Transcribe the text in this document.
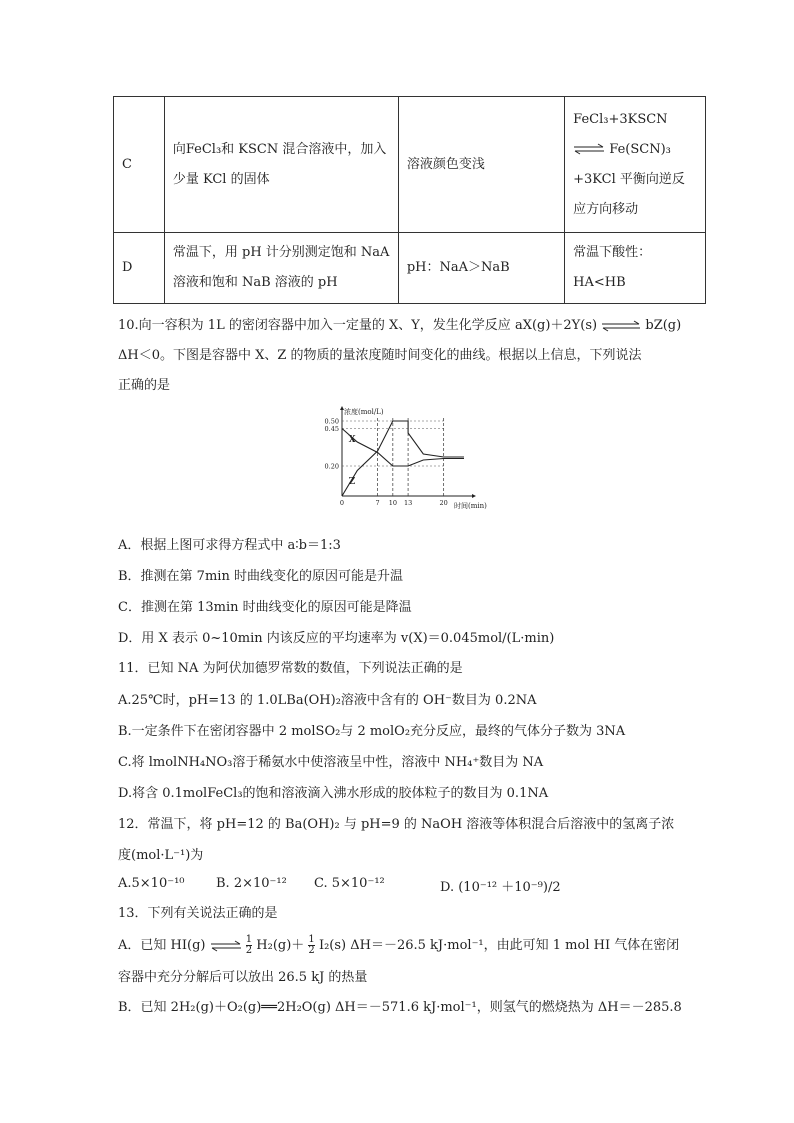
C	向FeCl₃和 KSCN 混合溶液中，加入少量 KCl 的固体	溶液颜色变浅	FeCl₃+3KSCN ⇌ Fe(SCN)₃ +3KCl 平衡向逆反应方向移动
D	常温下，用 pH 计分别测定饱和 NaA 溶液和饱和 NaB 溶液的 pH	pH：NaA＞NaB	常温下酸性：HA<HB
10.向一容积为 1L 的密闭容器中加入一定量的 X、Y，发生化学反应 aX(g)＋2Y(s) ⇌ bZ(g)
ΔH＜0。下图是容器中 X、Z 的物质的量浓度随时间变化的曲线。根据以上信息，下列说法
正确的是
浓度(mol/L)
时间(min)
0.50
0.45
0.20
0	7 10 13	20
X
Z
A．根据上图可求得方程式中 a∶b＝1:3
B．推测在第 7min 时曲线变化的原因可能是升温
C．推测在第 13min 时曲线变化的原因可能是降温
D．用 X 表示 0~10min 内该反应的平均速率为 v(X)＝0.045mol/(L·min)
11．已知 NA 为阿伏加德罗常数的数值，下列说法正确的是
A.25℃时，pH=13 的 1.0LBa(OH)₂溶液中含有的 OH⁻数目为 0.2NA
B.一定条件下在密闭容器中 2 molSO₂与 2 molO₂充分反应，最终的气体分子数为 3NA
C.将 lmolNH₄NO₃溶于稀氨水中使溶液呈中性，溶液中 NH₄⁺数目为 NA
D.将含 0.1molFeCl₃的饱和溶液滴入沸水形成的胶体粒子的数目为 0.1NA
12．常温下，将 pH=12 的 Ba(OH)₂ 与 pH=9 的 NaOH 溶液等体积混合后溶液中的氢离子浓
度(mol·L⁻¹)为
A.5×10⁻¹⁰ B. 2×10⁻¹² C. 5×10⁻¹²	D. (10⁻¹² ＋10⁻⁹)/2
13．下列有关说法正确的是
A．已知 HI(g) ⇌ $\frac{1}{2} H_2(g)+ \frac{1}{2} I_2(s)$ ΔH＝－26.5 kJ·mol⁻¹，由此可知 1 mol HI 气体在密闭
容器中充分分解后可以放出 26.5 kJ 的热量
B．已知 2H₂(g)＋O₂(g)══2H₂O(g) ΔH＝－571.6 kJ·mol⁻¹，则氢气的燃烧热为 ΔH＝－285.8
